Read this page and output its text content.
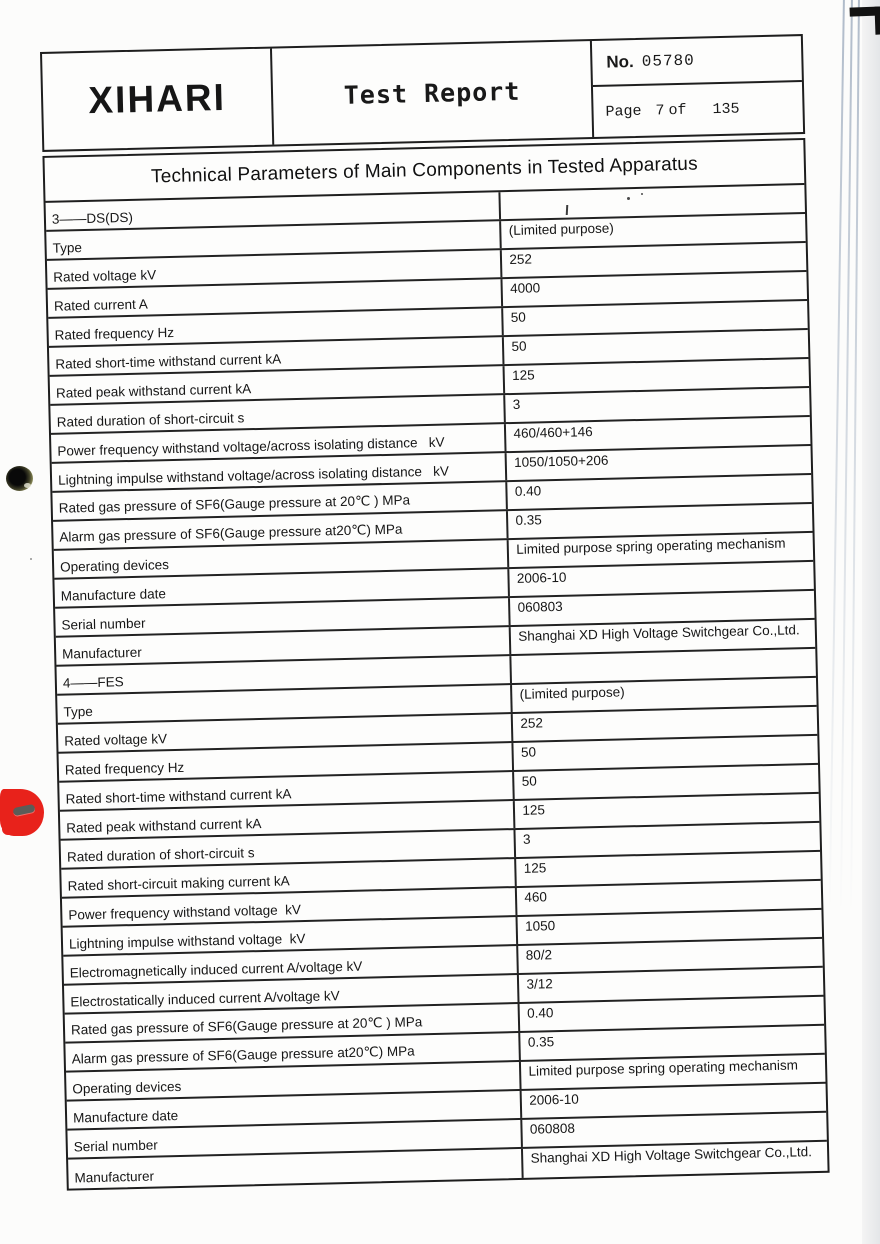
XIHARI	Test Report
No. 05780
Page 7 of 135
Technical Parameters of Main Components in Tested Apparatus
3——DS(DS)
Type
(Limited purpose)
Rated voltage kV
252
Rated current A
4000
Rated frequency Hz
50
Rated short-time withstand current kA
50
Rated peak withstand current kA
125
Rated duration of short-circuit s
3
Power frequency withstand voltage/across isolating distance   kV
460/460+146
Lightning impulse withstand voltage/across isolating distance   kV
1050/1050+206
Rated gas pressure of SF6(Gauge pressure at 20℃ ) MPa
0.40
Alarm gas pressure of SF6(Gauge pressure at20℃) MPa
0.35
Operating devices
Limited purpose spring operating mechanism
Manufacture date
2006-10
Serial number
060803
Manufacturer
Shanghai XD High Voltage Switchgear Co.,Ltd.
4——FES
Type
(Limited purpose)
Rated voltage kV
252
Rated frequency Hz
50
Rated short-time withstand current kA
50
Rated peak withstand current kA
125
Rated duration of short-circuit s
3
Rated short-circuit making current kA
125
Power frequency withstand voltage  kV
460
Lightning impulse withstand voltage  kV
1050
Electromagnetically induced current A/voltage kV
80/2
Electrostatically induced current A/voltage kV
3/12
Rated gas pressure of SF6(Gauge pressure at 20℃ ) MPa
0.40
Alarm gas pressure of SF6(Gauge pressure at20℃) MPa
0.35
Operating devices
Limited purpose spring operating mechanism
Manufacture date
2006-10
Serial number
060808
Manufacturer
Shanghai XD High Voltage Switchgear Co.,Ltd.
